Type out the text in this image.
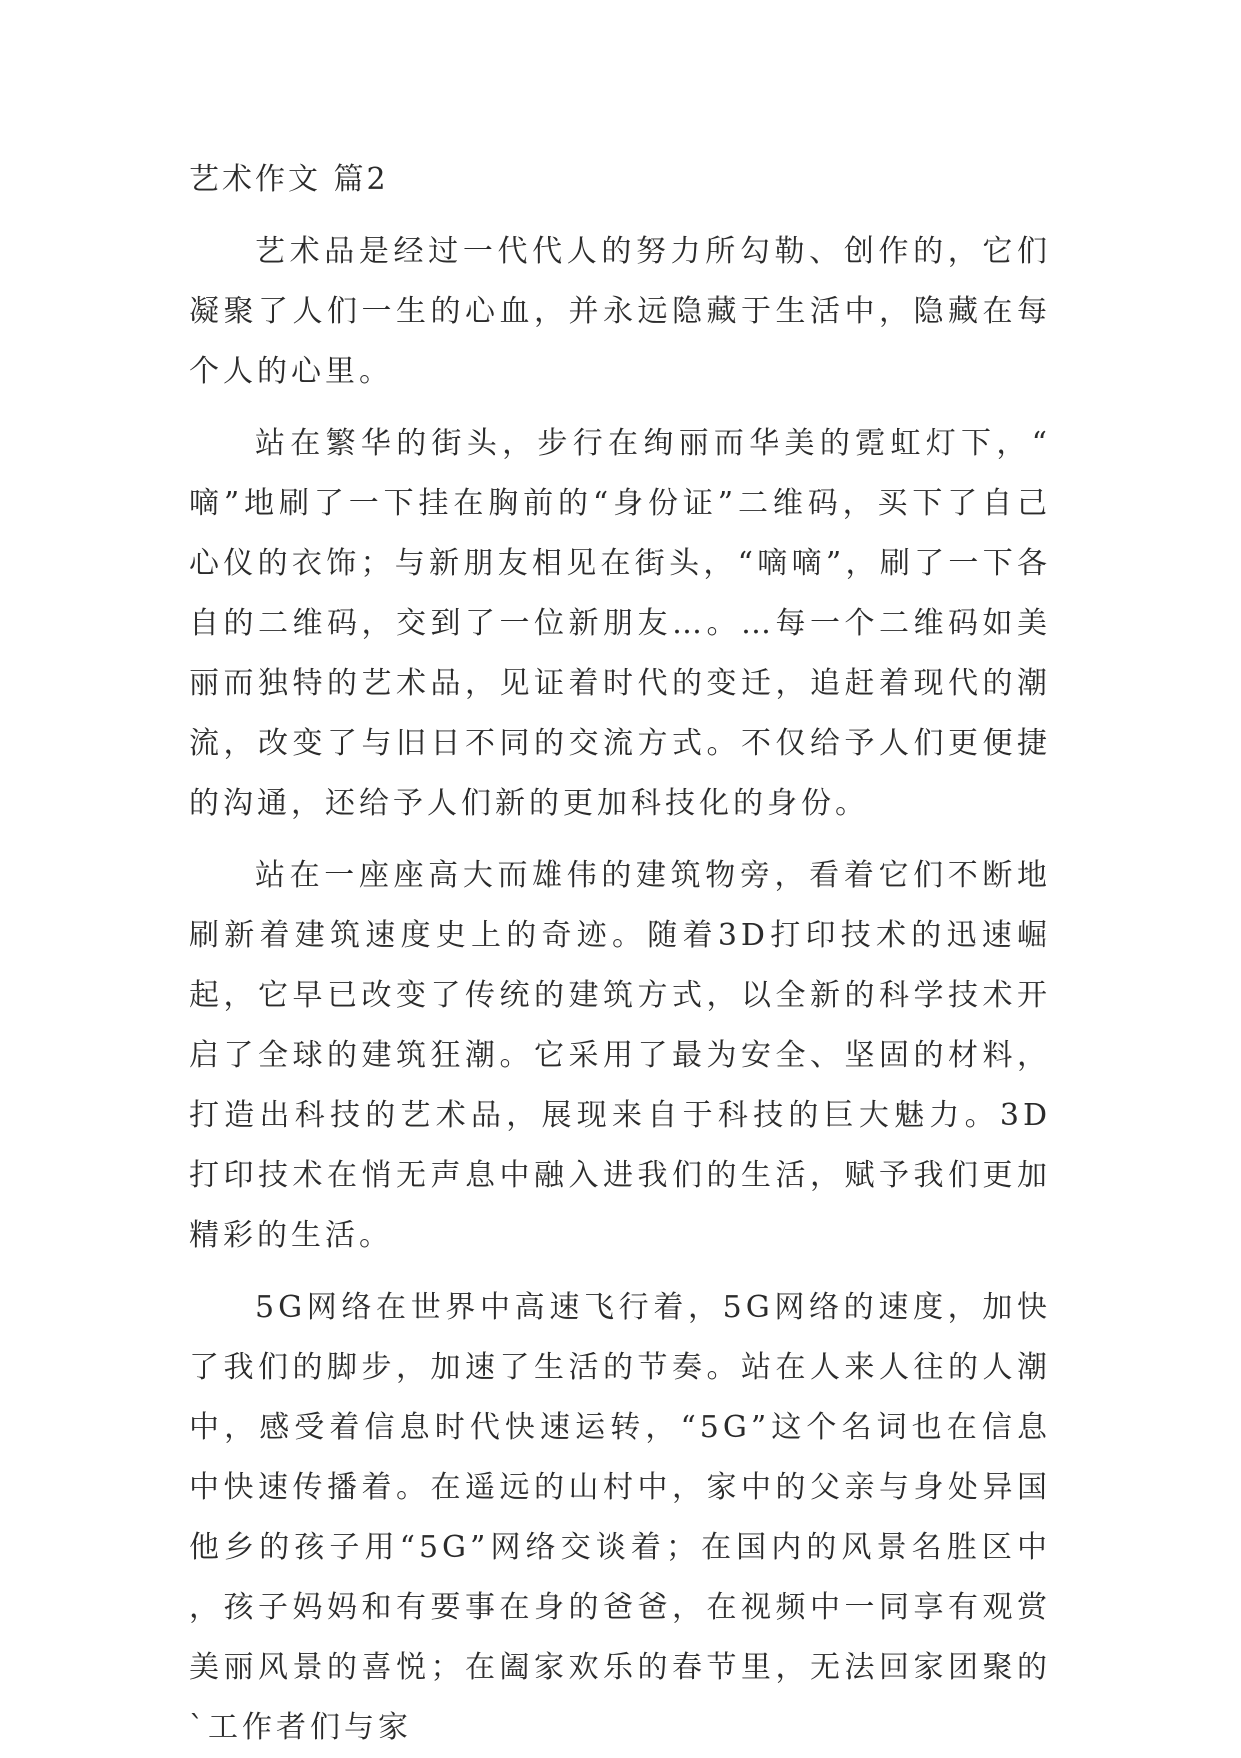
艺术作文 篇2

艺术品是经过一代代人的努力所勾勒、创作的，它们凝聚了人们一生的心血，并永远隐藏于生活中，隐藏在每个人的心里。

站在繁华的街头，步行在绚丽而华美的霓虹灯下，“嘀”地刷了一下挂在胸前的“身份证”二维码，买下了自己心仪的衣饰；与新朋友相见在街头，“嘀嘀”，刷了一下各自的二维码，交到了一位新朋友…。…每一个二维码如美丽而独特的艺术品，见证着时代的变迁，追赶着现代的潮流，改变了与旧日不同的交流方式。不仅给予人们更便捷的沟通，还给予人们新的更加科技化的身份。

站在一座座高大而雄伟的建筑物旁，看着它们不断地刷新着建筑速度史上的奇迹。随着3D打印技术的迅速崛起，它早已改变了传统的建筑方式，以全新的科学技术开启了全球的建筑狂潮。它采用了最为安全、坚固的材料，打造出科技的艺术品，展现来自于科技的巨大魅力。3D打印技术在悄无声息中融入进我们的生活，赋予我们更加精彩的生活。

5G网络在世界中高速飞行着，5G网络的速度，加快了我们的脚步，加速了生活的节奏。站在人来人往的人潮中，感受着信息时代快速运转，“5G”这个名词也在信息中快速传播着。在遥远的山村中，家中的父亲与身处异国他乡的孩子用“5G”网络交谈着；在国内的风景名胜区中，孩子妈妈和有要事在身的爸爸，在视频中一同享有观赏美丽风景的喜悦；在阖家欢乐的春节里，无法回家团聚的`工作者们与家
